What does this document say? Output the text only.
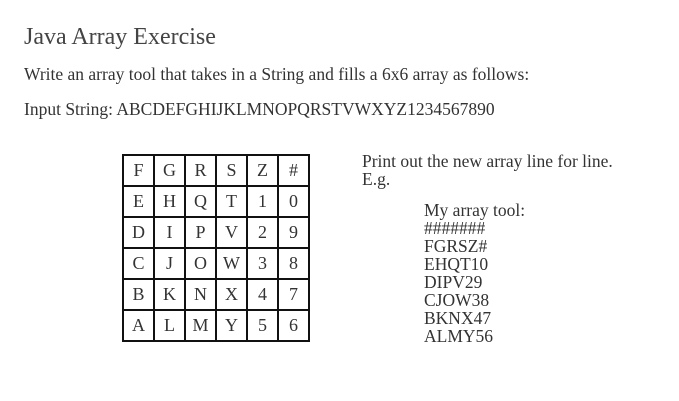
Java Array Exercise
Write an array tool that takes in a String and fills a 6x6 array as follows:
Input String: ABCDEFGHIJKLMNOPQRSTVWXYZ1234567890
F	G	R	S	Z	#
E	H	Q	T	1	0
D	I	P	V	2	9
C	J	O	W	3	8
B	K	N	X	4	7
A	L	M	Y	5	6
Print out the new array line for line.
E.g.
My array tool:
#######
FGRSZ#
EHQT10
DIPV29
CJOW38
BKNX47
ALMY56
